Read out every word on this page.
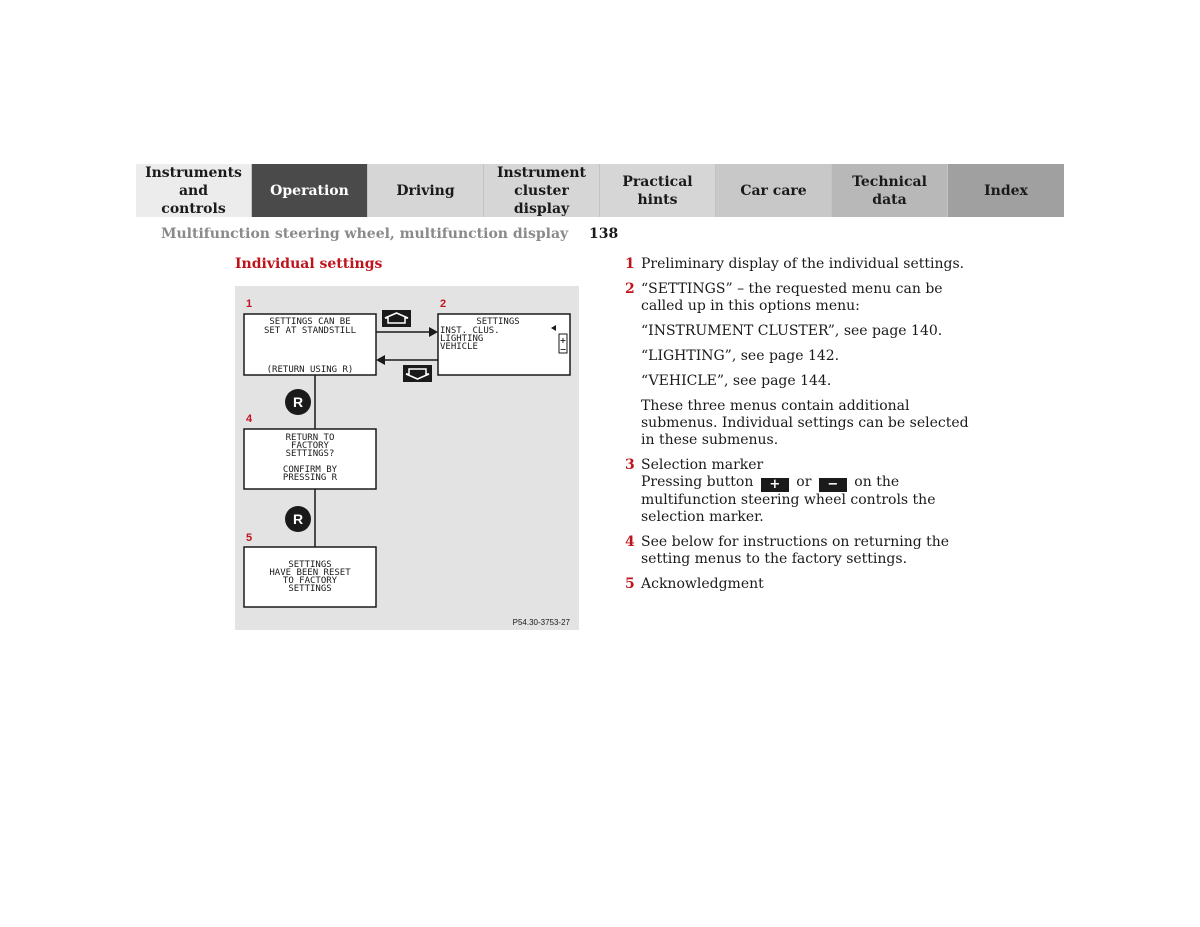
Instruments and controls
Operation	Driving
Instrument cluster display
Practical hints
Car care
Technical data
Index
Multifunction steering wheel, multifunction display 138
Individual settings
1	2
4
5
SETTINGS CAN BE
SET AT STANDSTILL
(RETURN USING R)
SETTINGS
INST. CLUS.
LIGHTING
VEHICLE
+
−
R
RETURN TO
FACTORY
SETTINGS?
CONFIRM BY
PRESSING R
R
SETTINGS
HAVE BEEN RESET
TO FACTORY
SETTINGS
P54.30-3753-27
1 Preliminary display of the individual settings.
2 “SETTINGS” – the requested menu can be called up in this options menu:
“INSTRUMENT CLUSTER”, see page 140.
“LIGHTING”, see page 142.
“VEHICLE”, see page 144.
These three menus contain additional submenus. Individual settings can be selected in these submenus.
3 Selection marker
Pressing button + or − on the multifunction steering wheel controls the selection marker.
4 See below for instructions on returning the setting menus to the factory settings.
5 Acknowledgment
